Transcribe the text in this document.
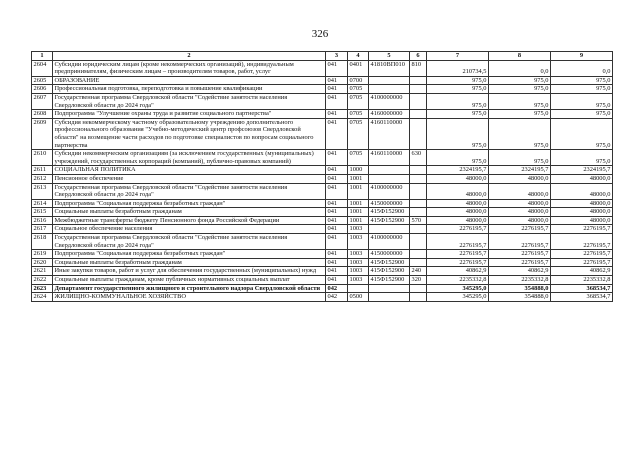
326
1	2	3	4	5	6	7	8	9
2604	Субсидии юридическим лицам (кроме некоммерческих организаций), индивидуальным предпринимателям, физическим лицам – производителям товаров, работ, услуг	041	0401	41810ВП010	810	210734,5	0,0	0,0
2605	ОБРАЗОВАНИЕ	041	0700			975,0	975,0	975,0
2606	Профессиональная подготовка, переподготовка и повышение квалификации	041	0705			975,0	975,0	975,0
2607	Государственная программа Свердловской области "Содействие занятости населения Свердловской области до 2024 года"	041	0705	4100000000		975,0	975,0	975,0
2608	Подпрограмма "Улучшение охраны труда и развитие социального партнерства"	041	0705	4160000000		975,0	975,0	975,0
2609	Субсидия некоммерческому частному образовательному учреждению дополнительного профессионального образования "Учебно-методический центр профсоюзов Свердловской области" на возмещение части расходов по подготовке специалистов по вопросам социального партнерства	041	0705	4160110000		975,0	975,0	975,0
2610	Субсидии некоммерческим организациям (за исключением государственных (муниципальных) учреждений, государственных корпораций (компаний), публично-правовых компаний)	041	0705	4160110000	630	975,0	975,0	975,0
2611	СОЦИАЛЬНАЯ ПОЛИТИКА	041	1000			2324195,7	2324195,7	2324195,7
2612	Пенсионное обеспечение	041	1001			48000,0	48000,0	48000,0
2613	Государственная программа Свердловской области "Содействие занятости населения Свердловской области до 2024 года"	041	1001	4100000000		48000,0	48000,0	48000,0
2614	Подпрограмма "Социальная поддержка безработных граждан"	041	1001	4150000000		48000,0	48000,0	48000,0
2615	Социальные выплаты безработным гражданам	041	1001	415Ф152900		48000,0	48000,0	48000,0
2616	Межбюджетные трансферты бюджету Пенсионного фонда Российской Федерации	041	1001	415Ф152900	570	48000,0	48000,0	48000,0
2617	Социальное обеспечение населения	041	1003			2276195,7	2276195,7	2276195,7
2618	Государственная программа Свердловской области "Содействие занятости населения Свердловской области до 2024 года"	041	1003	4100000000		2276195,7	2276195,7	2276195,7
2619	Подпрограмма "Социальная поддержка безработных граждан"	041	1003	4150000000		2276195,7	2276195,7	2276195,7
2620	Социальные выплаты безработным гражданам	041	1003	415Ф152900		2276195,7	2276195,7	2276195,7
2621	Иные закупки товаров, работ и услуг для обеспечения государственных (муниципальных) нужд	041	1003	415Ф152900	240	40862,9	40862,9	40862,9
2622	Социальные выплаты гражданам, кроме публичных нормативных социальных выплат	041	1003	415Ф152900	320	2235332,8	2235332,8	2235332,8
2623	Департамент государственного жилищного и строительного надзора Свердловской области	042				345295,0	354888,0	368534,7
2624	ЖИЛИЩНО-КОММУНАЛЬНОЕ ХОЗЯЙСТВО	042	0500			345295,0	354888,0	368534,7
